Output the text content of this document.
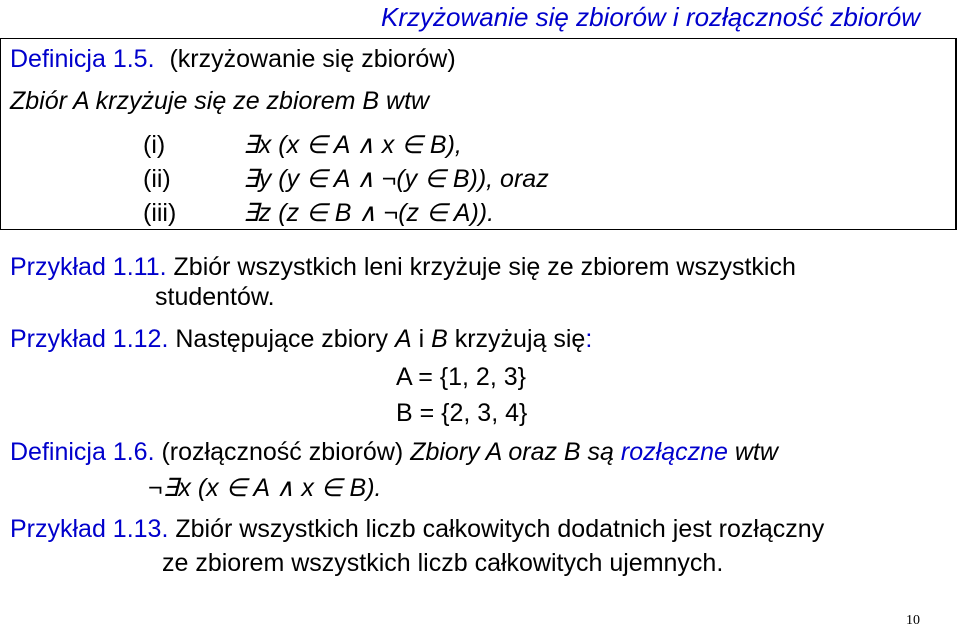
Krzyżowanie się zbiorów i rozłączność zbiorów
Definicja 1.5. (krzyżowanie się zbiorów)
Zbiór A krzyżuje się ze zbiorem B wtw
(i)	∃x (x ∈ A ∧ x ∈ B),
(ii)	∃y (y ∈ A ∧ ¬(y ∈ B)), oraz
(iii)	∃z (z ∈ B ∧ ¬(z ∈ A)).
Przykład 1.11. Zbiór wszystkich leni krzyżuje się ze zbiorem wszystkich
studentów.
Przykład 1.12. Następujące zbiory A i B krzyżują się:
A = {1, 2, 3}
B = {2, 3, 4}
Definicja 1.6. (rozłączność zbiorów) Zbiory A oraz B są rozłączne wtw
¬∃x (x ∈ A ∧ x ∈ B).
Przykład 1.13. Zbiór wszystkich liczb całkowitych dodatnich jest rozłączny
ze zbiorem wszystkich liczb całkowitych ujemnych.
10
